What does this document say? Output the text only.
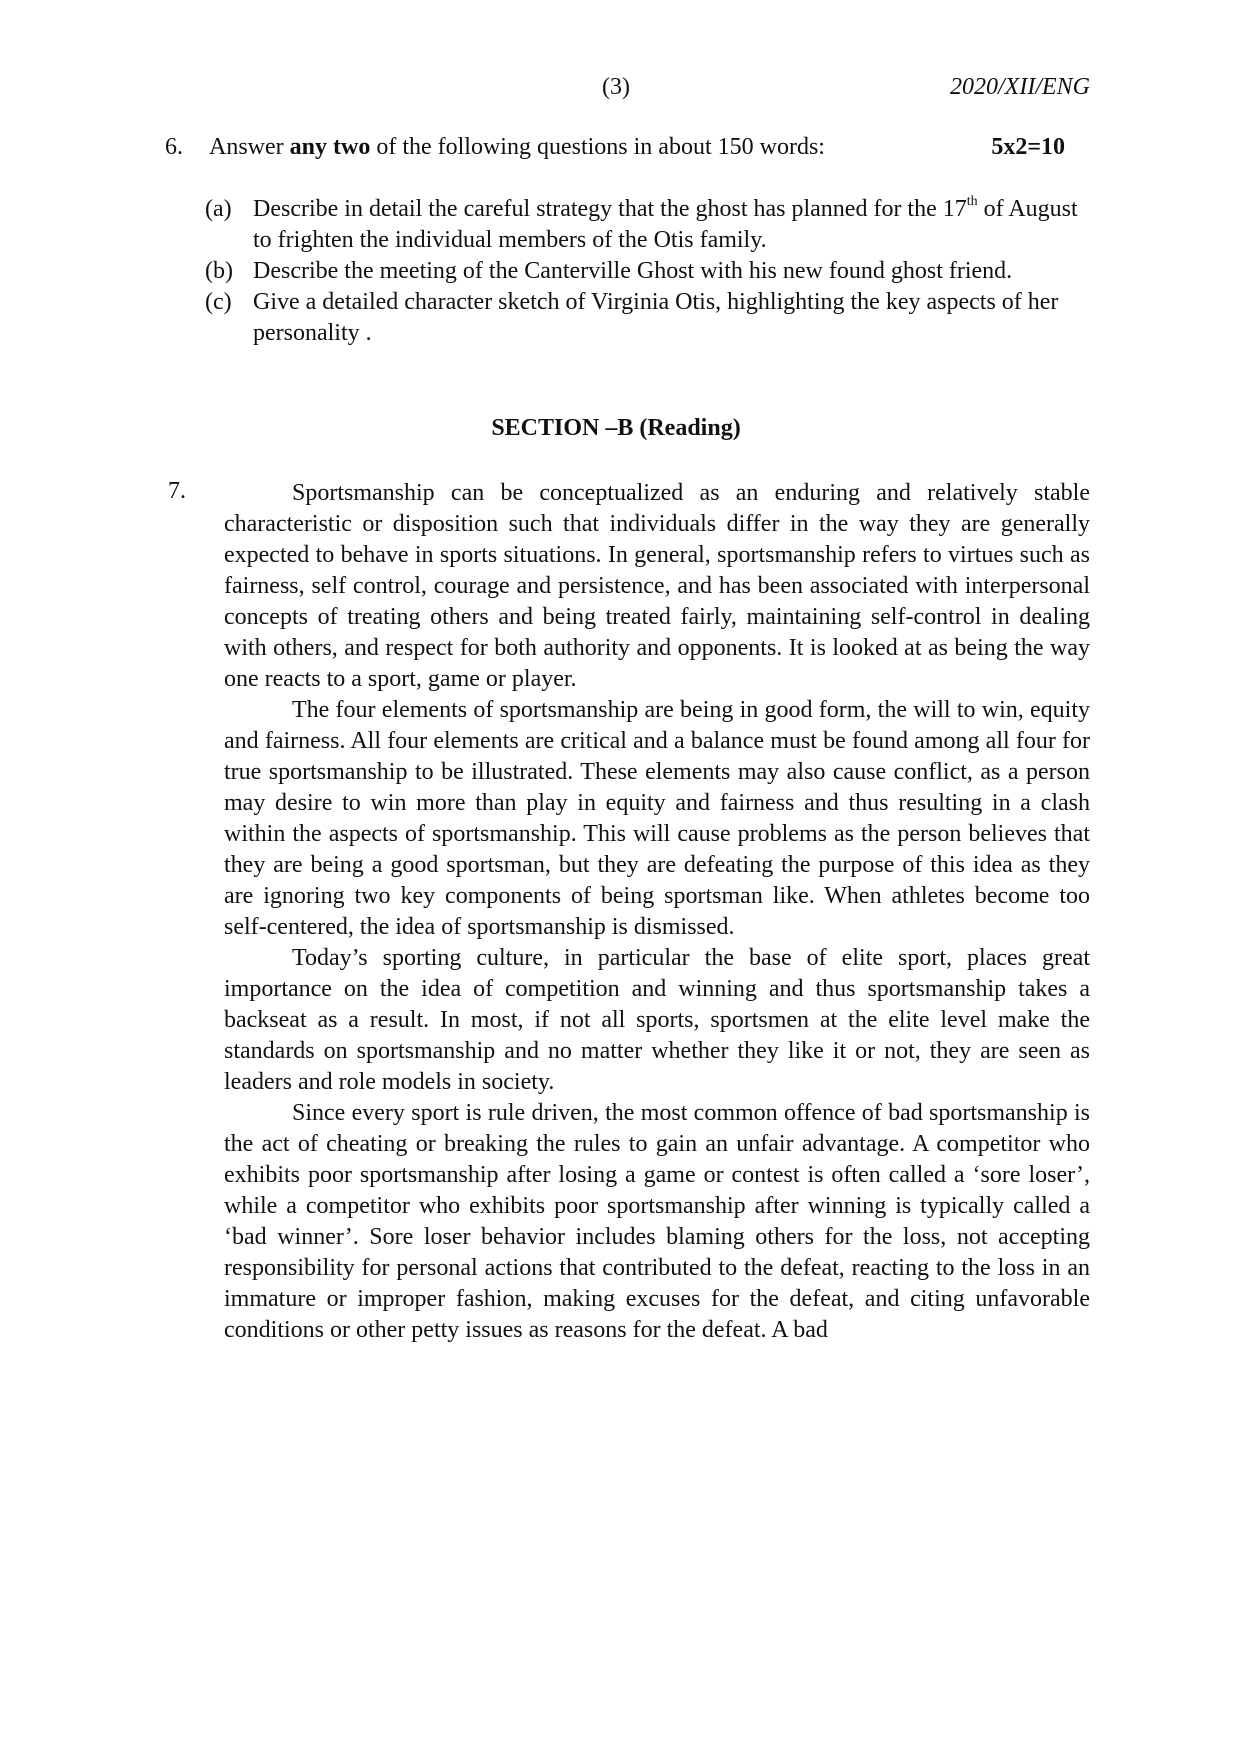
(3)	2020/XII/ENG
6. Answer any two of the following questions in about 150 words:	5x2=10

(a) Describe in detail the careful strategy that the ghost has planned for the 17th of August to frighten the individual members of the Otis family.

(b) Describe the meeting of the Canterville Ghost with his new found ghost friend.

(c) Give a detailed character sketch of Virginia Otis, highlighting the key aspects of her personality .

SECTION –B (Reading)
7.	Sportsmanship can be conceptualized as an enduring and relatively stable characteristic or disposition such that individuals differ in the way they are generally expected to behave in sports situations. In general, sportsmanship refers to virtues such as fairness, self control, courage and persistence, and has been associated with interpersonal concepts of treating others and being treated fairly, maintaining self-control in dealing with others, and respect for both authority and opponents. It is looked at as being the way one reacts to a sport, game or player.

The four elements of sportsmanship are being in good form, the will to win, equity and fairness. All four elements are critical and a balance must be found among all four for true sportsmanship to be illustrated. These elements may also cause conflict, as a person may desire to win more than play in equity and fairness and thus resulting in a clash within the aspects of sportsmanship. This will cause problems as the person believes that they are being a good sportsman, but they are defeating the purpose of this idea as they are ignoring two key components of being sportsman like. When athletes become too self-centered, the idea of sportsmanship is dismissed.

Today’s sporting culture, in particular the base of elite sport, places great importance on the idea of competition and winning and thus sportsmanship takes a backseat as a result. In most, if not all sports, sportsmen at the elite level make the standards on sportsmanship and no matter whether they like it or not, they are seen as leaders and role models in society.

Since every sport is rule driven, the most common offence of bad sportsmanship is the act of cheating or breaking the rules to gain an unfair advantage. A competitor who exhibits poor sportsmanship after losing a game or contest is often called a ‘sore loser’, while a competitor who exhibits poor sportsmanship after winning is typically called a ‘bad winner’. Sore loser behavior includes blaming others for the loss, not accepting responsibility for personal actions that contributed to the defeat, reacting to the loss in an immature or improper fashion, making excuses for the defeat, and citing unfavorable conditions or other petty issues as reasons for the defeat. A bad
